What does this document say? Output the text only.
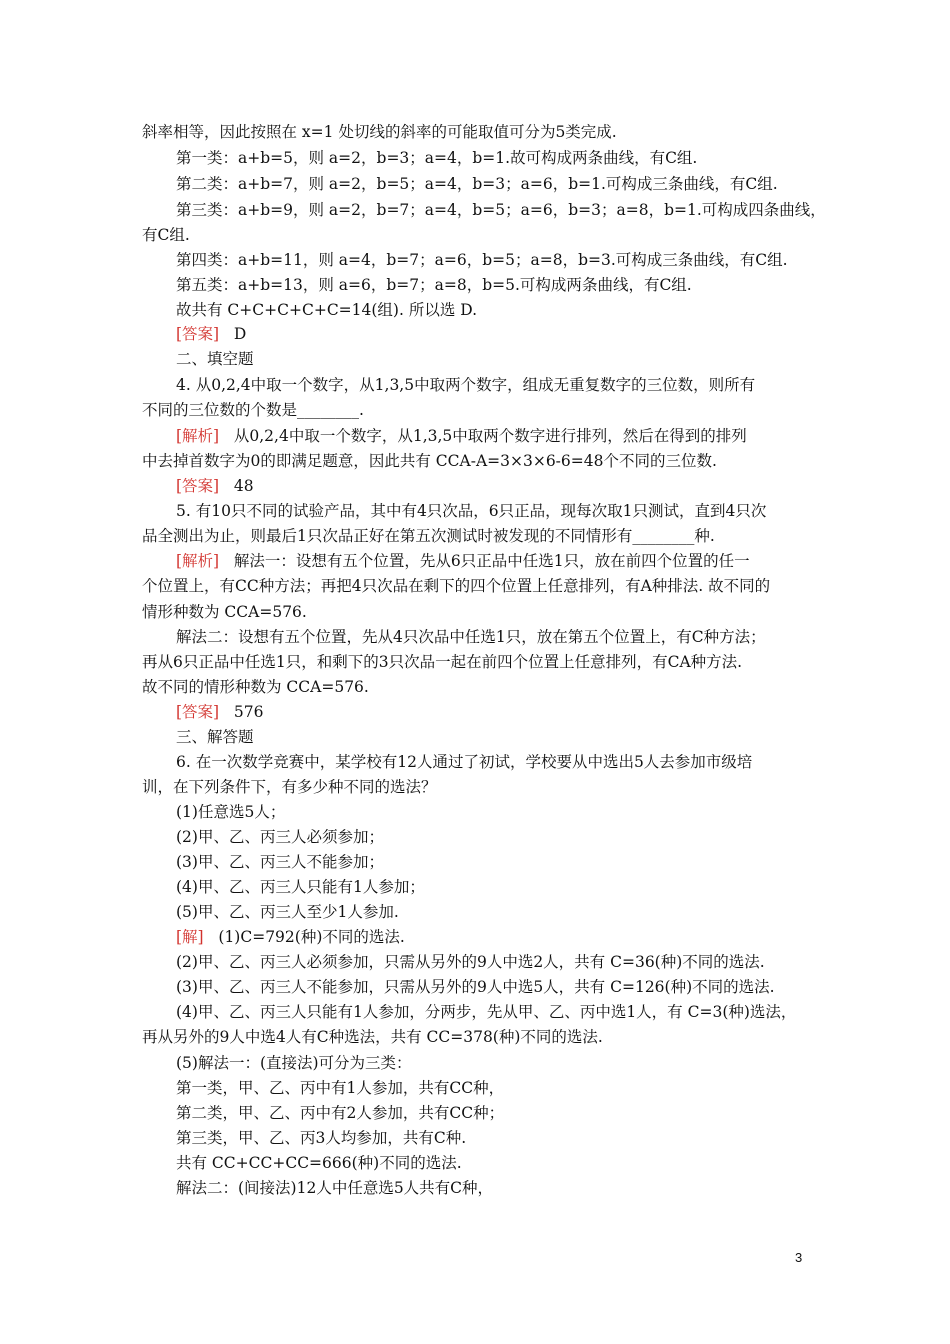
斜率相等，因此按照在 x=1 处切线的斜率的可能取值可分为5类完成.
第一类：a+b=5，则 a=2，b=3；a=4，b=1.故可构成两条曲线，有C组.
第二类：a+b=7，则 a=2，b=5；a=4，b=3；a=6，b=1.可构成三条曲线，有C组.
第三类：a+b=9，则 a=2，b=7；a=4，b=5；a=6，b=3；a=8，b=1.可构成四条曲线，
有C组.
第四类：a+b=11，则 a=4，b=7；a=6，b=5；a=8，b=3.可构成三条曲线，有C组.
第五类：a+b=13，则 a=6，b=7；a=8，b=5.可构成两条曲线，有C组.
故共有 C+C+C+C+C=14(组). 所以选 D.
[答案] D
二、填空题
4. 从0,2,4中取一个数字，从1,3,5中取两个数字，组成无重复数字的三位数，则所有
不同的三位数的个数是________.
[解析] 从0,2,4中取一个数字，从1,3,5中取两个数字进行排列，然后在得到的排列
中去掉首数字为0的即满足题意，因此共有 CCA-A=3×3×6-6=48个不同的三位数.
[答案] 48
5. 有10只不同的试验产品，其中有4只次品，6只正品，现每次取1只测试，直到4只次
品全测出为止，则最后1只次品正好在第五次测试时被发现的不同情形有________种.
[解析] 解法一：设想有五个位置，先从6只正品中任选1只，放在前四个位置的任一
个位置上，有CC种方法；再把4只次品在剩下的四个位置上任意排列，有A种排法. 故不同的
情形种数为 CCA=576.
解法二：设想有五个位置，先从4只次品中任选1只，放在第五个位置上，有C种方法；
再从6只正品中任选1只，和剩下的3只次品一起在前四个位置上任意排列，有CA种方法.
故不同的情形种数为 CCA=576.
[答案] 576
三、解答题
6. 在一次数学竞赛中，某学校有12人通过了初试，学校要从中选出5人去参加市级培
训，在下列条件下，有多少种不同的选法？
(1)任意选5人；
(2)甲、乙、丙三人必须参加；
(3)甲、乙、丙三人不能参加；
(4)甲、乙、丙三人只能有1人参加；
(5)甲、乙、丙三人至少1人参加.
[解] (1)C=792(种)不同的选法.
(2)甲、乙、丙三人必须参加，只需从另外的9人中选2人，共有 C=36(种)不同的选法.
(3)甲、乙、丙三人不能参加，只需从另外的9人中选5人，共有 C=126(种)不同的选法.
(4)甲、乙、丙三人只能有1人参加，分两步，先从甲、乙、丙中选1人，有 C=3(种)选法，
再从另外的9人中选4人有C种选法，共有 CC=378(种)不同的选法.
(5)解法一：(直接法)可分为三类：
第一类，甲、乙、丙中有1人参加，共有CC种，
第二类，甲、乙、丙中有2人参加，共有CC种；
第三类，甲、乙、丙3人均参加，共有C种.
共有 CC+CC+CC=666(种)不同的选法.
解法二：(间接法)12人中任意选5人共有C种，
3
